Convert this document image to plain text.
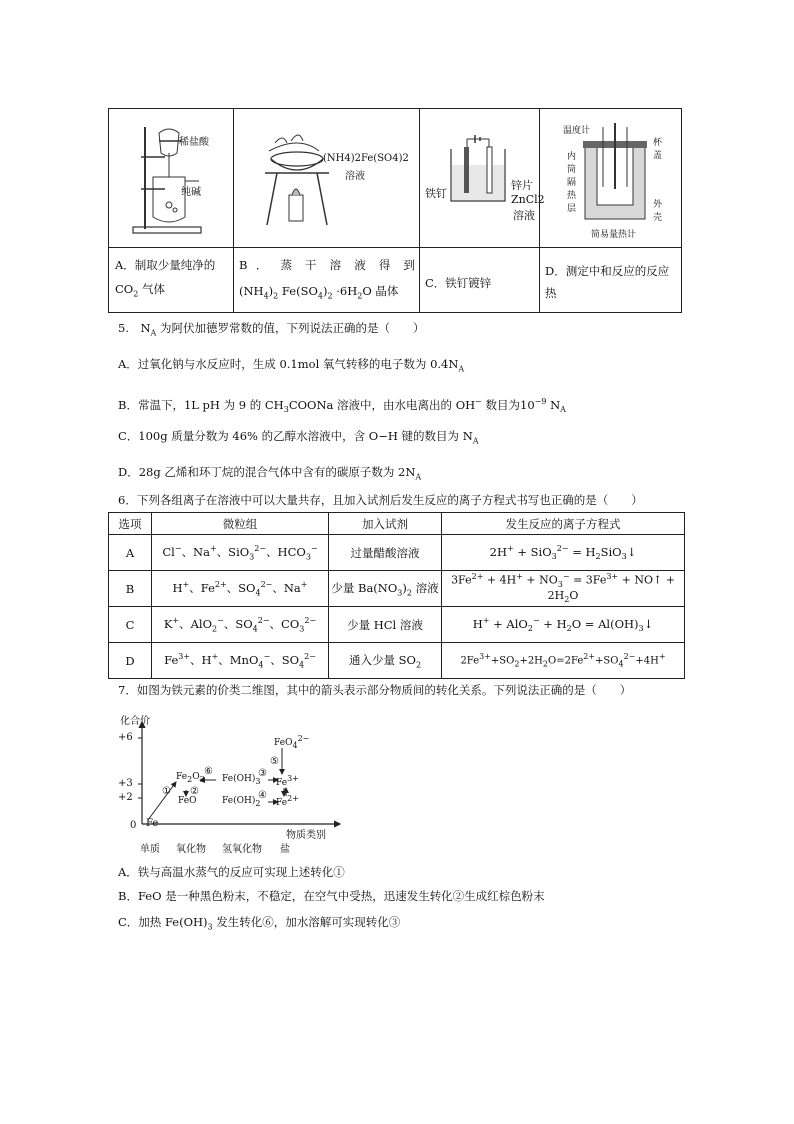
稀盐酸
纯碱
(NH4)2Fe(SO4)2
溶液
铁钉
锌片
ZnCl2
溶液
温度计
杯盖
内筒
隔热层	外壳
简易量热计
A．制取少量纯净的
$CO_2$ 气体
B ． 蒸 干 溶 液 得 到
$(NH_4)_2$ $Fe(SO_4)_2 \cdot 6H_2O$ 晶体
C．铁钉镀锌
D．测定中和反应的反应
热
5.　$N_A$ 为阿伏加德罗常数的值，下列说法正确的是（　　）
A．过氧化钠与水反应时，生成 0.1mol 氧气转移的电子数为 $0.4N_A$
B．常温下，1L pH 为 9 的 $CH_3COONa$ 溶液中，由水电离出的 OH− 数目为$10^{-9}$ $N_A$
C．100g 质量分数为 46% 的乙醇水溶液中，含 O−H 键的数目为 $N_A$
D．28g 乙烯和环丁烷的混合气体中含有的碳原子数为 $2N_A$
6．下列各组离子在溶液中可以大量共存，且加入试剂后发生反应的离子方程式书写也正确的是（　　）
选项	微粒组	加入试剂	发生反应的离子方程式
A	Cl−、Na+、SiO$_3^{2-}$、$HCO_3^-$	过量醋酸溶液	$2H^+ + SiO_3^{2-} = H_2SiO_3↓$
B	H+、$Fe^{2+}$、$SO_4^{2-}$、Na+	少量 $Ba(NO_3)_2$ 溶液	$3Fe^{2+} + 4H^+ + NO_3^- = 3Fe^{3+}$ + NO↑ + $2H_2O$
C	K+、AlO$_2$−、$SO_4^{2-}$、$CO_3^{2-}$	少量 HCl 溶液	$H^+ + AlO_2^- + H_2O$ = $Al(OH)_3↓$
D	$Fe^{3+}$、H+、MnO$_4$−、$SO_4^{2-}$	通入少量 $SO_2$	$2Fe^{3+}+SO_2+2H_2O=2Fe^{2+}+SO_4^{2-}+4H^+$
7．如图为铁元素的价类二维图，其中的箭头表示部分物质间的转化关系。下列说法正确的是（　　）
化合价
+6
+3
+2
0 Fe
$Fe_2O_3$
FeO
$Fe(OH)_3$
$Fe(OH)_2$
$Fe^{3+}$
$Fe^{2+}$
FeO$_4^{2-}$
① ②
③
④
⑤
⑥
物质类别
单质 氧化物 氢氧化物 盐
A．铁与高温水蒸气的反应可实现上述转化①
B．FeO 是一种黑色粉末，不稳定，在空气中受热，迅速发生转化②生成红棕色粉末
C．加热 $Fe(OH)_3$ 发生转化⑥，加水溶解可实现转化③
